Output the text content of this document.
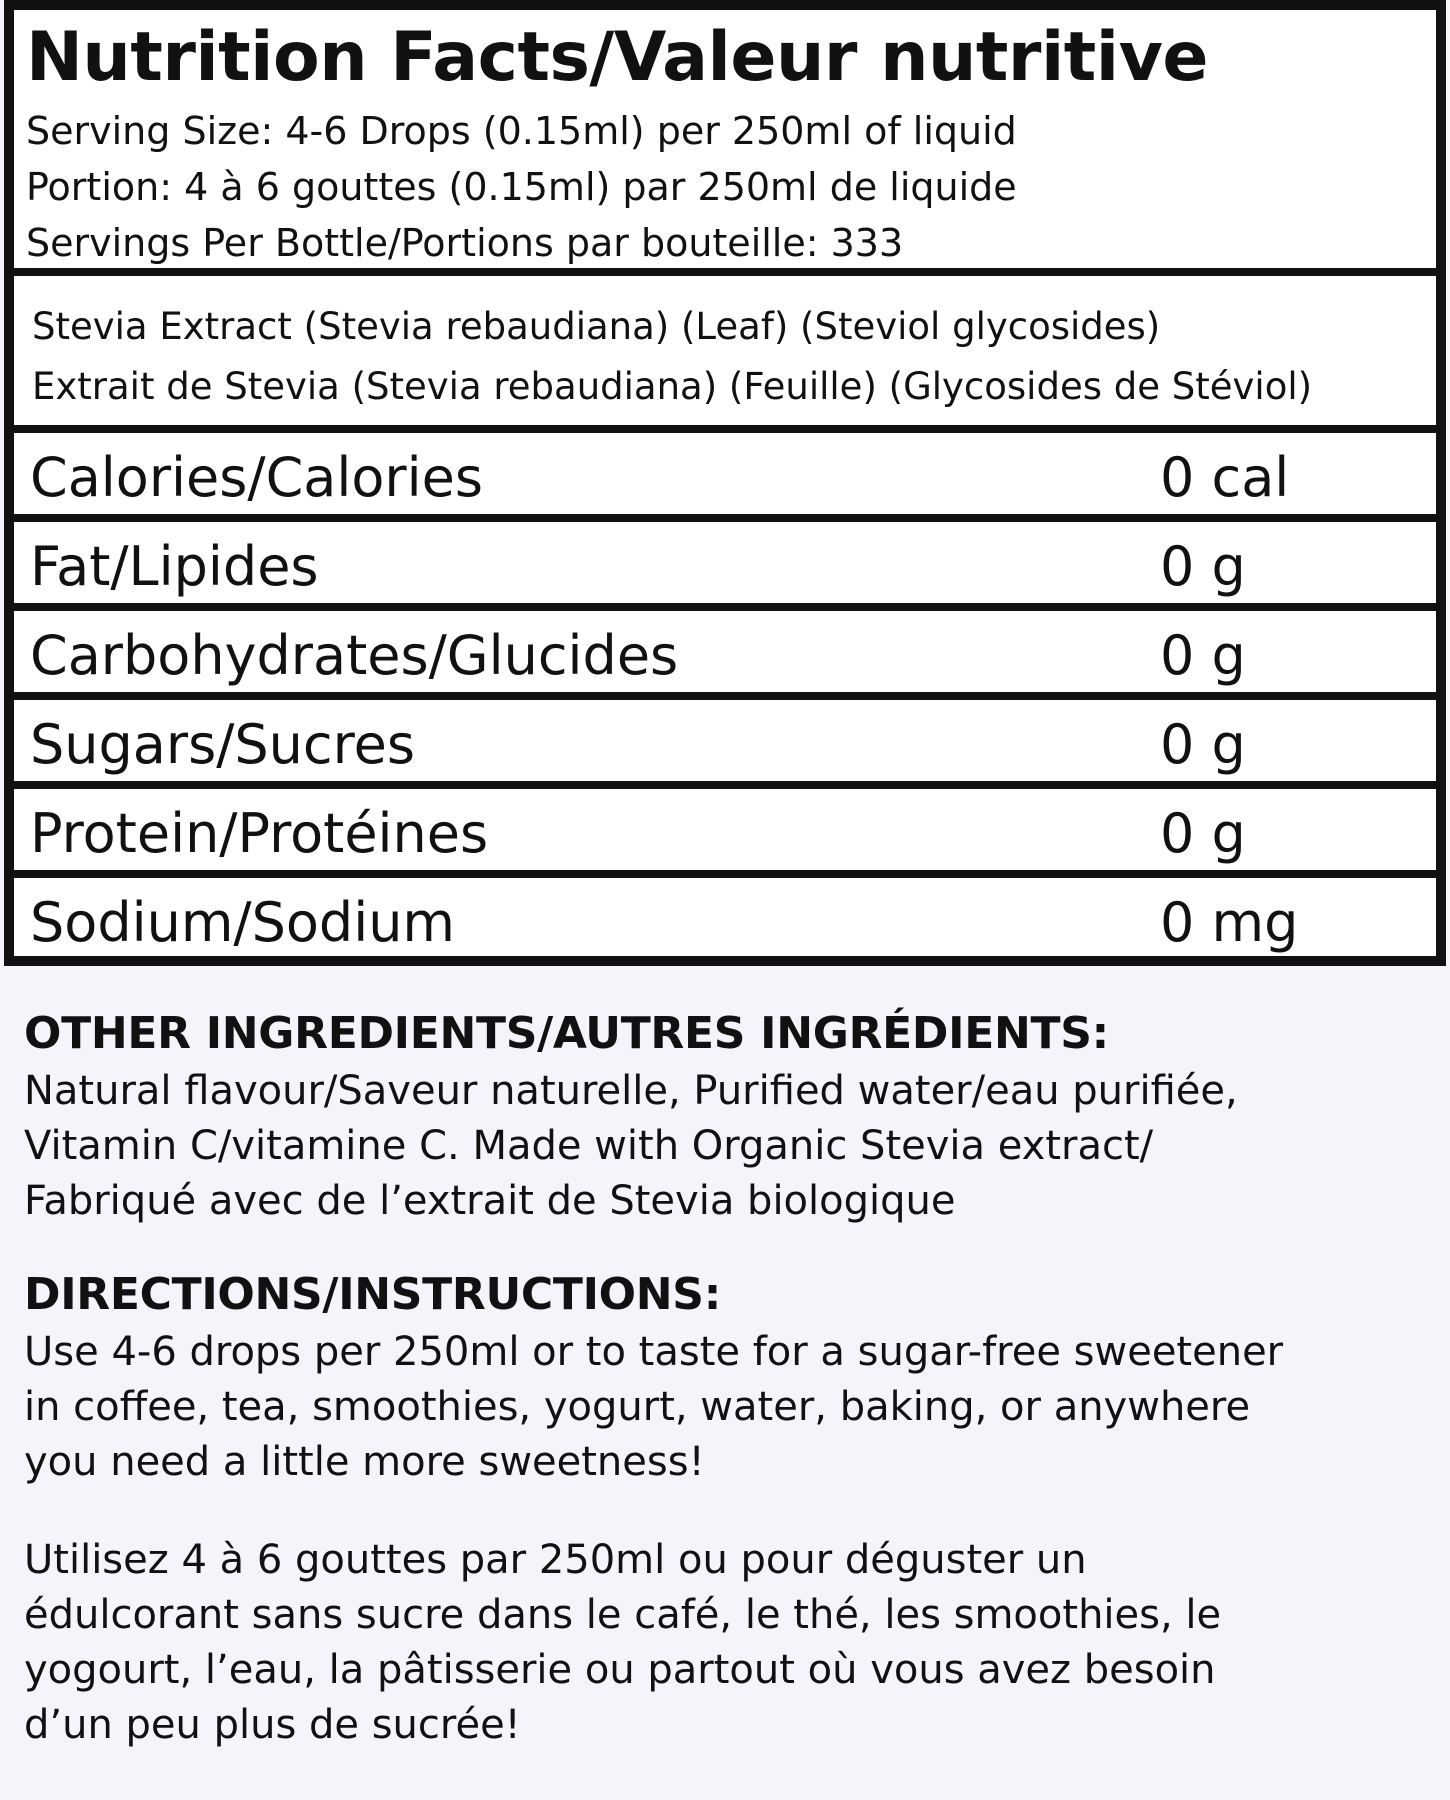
Nutrition Facts/Valeur nutritive
Serving Size: 4-6 Drops (0.15ml) per 250ml of liquid
Portion: 4 à 6 gouttes (0.15ml) par 250ml de liquide
Servings Per Bottle/Portions par bouteille: 333
Stevia Extract (Stevia rebaudiana) (Leaf) (Steviol glycosides)
Extrait de Stevia (Stevia rebaudiana) (Feuille) (Glycosides de Stéviol)
Calories/Calories	0 cal
Fat/Lipides	0 g
Carbohydrates/Glucides	0 g
Sugars/Sucres	0 g
Protein/Protéines	0 g
Sodium/Sodium	0 mg
OTHER INGREDIENTS/AUTRES INGRÉDIENTS:
Natural flavour/Saveur naturelle, Purified water/eau purifiée,
Vitamin C/vitamine C. Made with Organic Stevia extract/
Fabriqué avec de l’extrait de Stevia biologique
DIRECTIONS/INSTRUCTIONS:
Use 4-6 drops per 250ml or to taste for a sugar-free sweetener
in coffee, tea, smoothies, yogurt, water, baking, or anywhere
you need a little more sweetness!
Utilisez 4 à 6 gouttes par 250ml ou pour déguster un
édulcorant sans sucre dans le café, le thé, les smoothies, le
yogourt, l’eau, la pâtisserie ou partout où vous avez besoin
d’un peu plus de sucrée!
